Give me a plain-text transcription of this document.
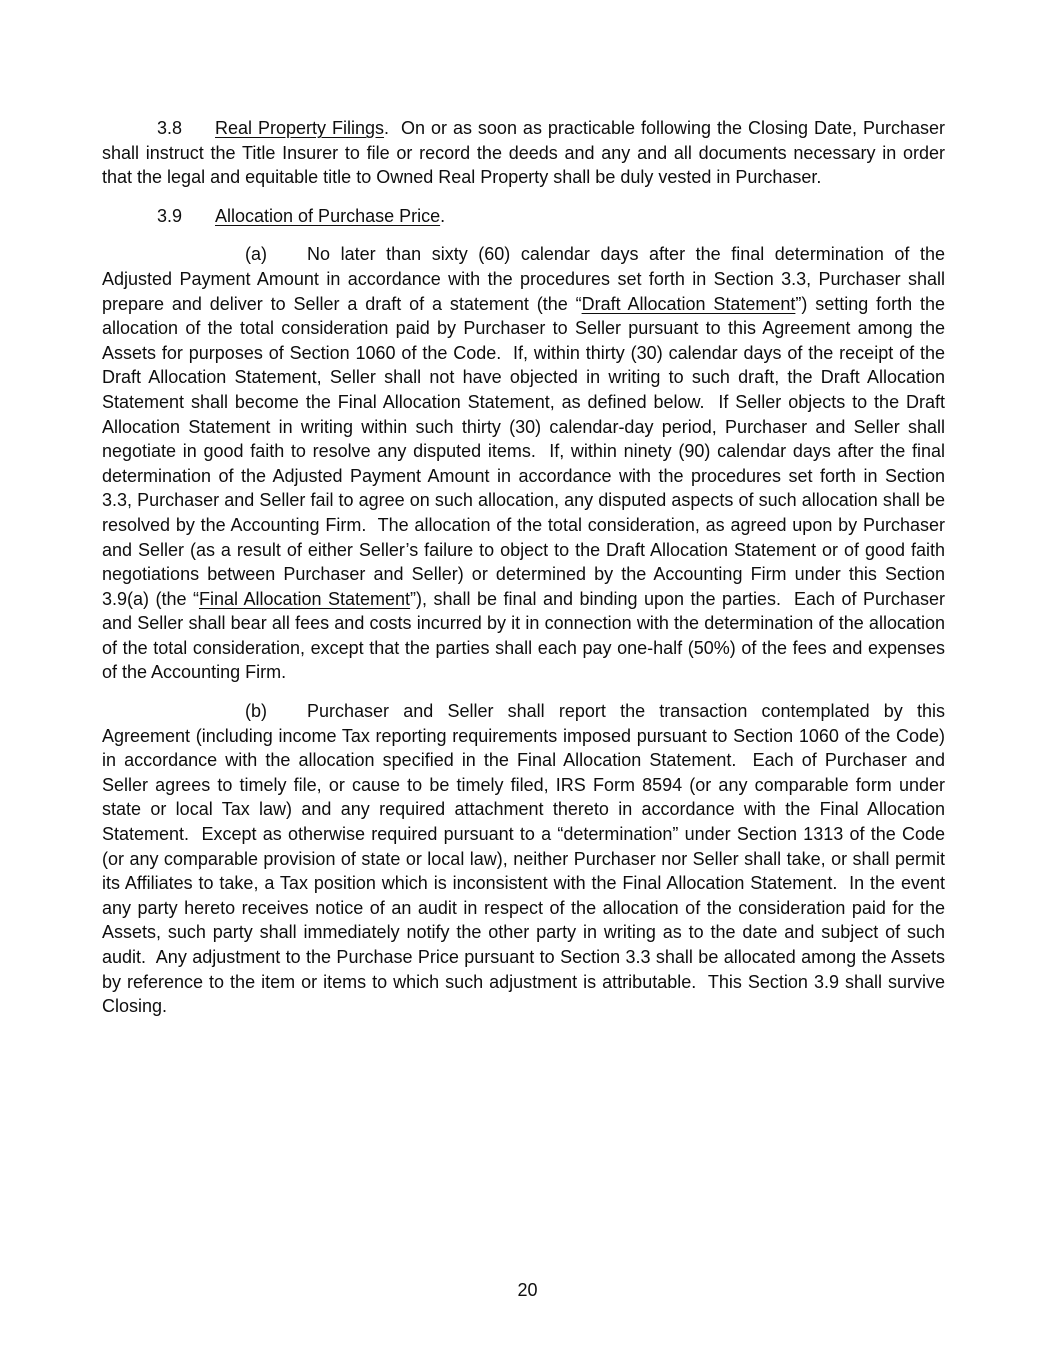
3.8 Real Property Filings.  On or as soon as practicable following the Closing Date, Purchaser shall instruct the Title Insurer to file or record the deeds and any and all documents necessary in order that the legal and equitable title to Owned Real Property shall be duly vested in Purchaser.

3.9 Allocation of Purchase Price.

(a) No later than sixty (60) calendar days after the final determination of the Adjusted Payment Amount in accordance with the procedures set forth in Section 3.3, Purchaser shall prepare and deliver to Seller a draft of a statement (the “Draft Allocation Statement”) setting forth the allocation of the total consideration paid by Purchaser to Seller pursuant to this Agreement among the Assets for purposes of Section 1060 of the Code.  If, within thirty (30) calendar days of the receipt of the Draft Allocation Statement, Seller shall not have objected in writing to such draft, the Draft Allocation Statement shall become the Final Allocation Statement, as defined below.  If Seller objects to the Draft Allocation Statement in writing within such thirty (30) calendar-day period, Purchaser and Seller shall negotiate in good faith to resolve any disputed items.  If, within ninety (90) calendar days after the final determination of the Adjusted Payment Amount in accordance with the procedures set forth in Section 3.3, Purchaser and Seller fail to agree on such allocation, any disputed aspects of such allocation shall be resolved by the Accounting Firm.  The allocation of the total consideration, as agreed upon by Purchaser and Seller (as a result of either Seller’s failure to object to the Draft Allocation Statement or of good faith negotiations between Purchaser and Seller) or determined by the Accounting Firm under this Section 3.9(a) (the “Final Allocation Statement”), shall be final and binding upon the parties.  Each of Purchaser and Seller shall bear all fees and costs incurred by it in connection with the determination of the allocation of the total consideration, except that the parties shall each pay one-half (50%) of the fees and expenses of the Accounting Firm.

(b) Purchaser and Seller shall report the transaction contemplated by this Agreement (including income Tax reporting requirements imposed pursuant to Section 1060 of the Code) in accordance with the allocation specified in the Final Allocation Statement.  Each of Purchaser and Seller agrees to timely file, or cause to be timely filed, IRS Form 8594 (or any comparable form under state or local Tax law) and any required attachment thereto in accordance with the Final Allocation Statement.  Except as otherwise required pursuant to a “determination” under Section 1313 of the Code (or any comparable provision of state or local law), neither Purchaser nor Seller shall take, or shall permit its Affiliates to take, a Tax position which is inconsistent with the Final Allocation Statement.  In the event any party hereto receives notice of an audit in respect of the allocation of the consideration paid for the Assets, such party shall immediately notify the other party in writing as to the date and subject of such audit.  Any adjustment to the Purchase Price pursuant to Section 3.3 shall be allocated among the Assets by reference to the item or items to which such adjustment is attributable.  This Section 3.9 shall survive Closing.

20
